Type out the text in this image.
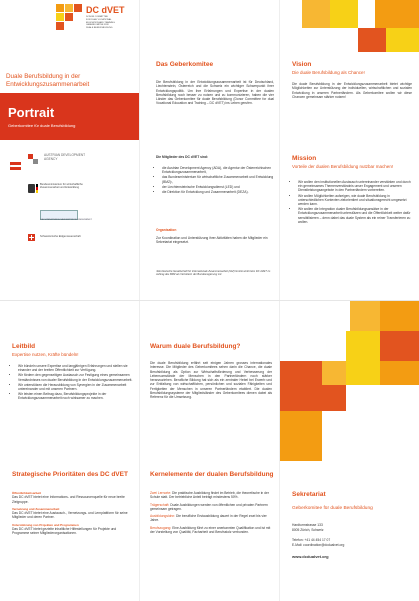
DC dVET
DONOR COMMITTEE
FOR DUAL VOCATIONAL
EDUCATION AND TRAINING
GEBERKOMITEE FÜR
DUALE BERUFSBILDUNG
Duale Berufsbildung in der Entwicklungszusammenarbeit
Portrait
Geberkomitee für duale Berufsbildung
AUSTRIAN DEVELOPMENT AGENCY
Bundesministerium für wirtschaftliche Zusammenarbeit und Entwicklung
LIECHTENSTEINISCHER ENTWICKLUNGSDIENST
Schweizerische Eidgenossenschaft
Das Geberkomitee
Die Berufsbildung in der Entwicklungszusammenarbeit ist für Deutschland, Liechtenstein, Österreich und die Schweiz ein wichtiger Schwerpunkt ihrer Entwicklungspolitik. Um ihre Erfahrungen und Expertise in der dualen Berufsbildung noch besser zu nutzen und zu kommunizieren, haben die vier Länder das Geberkomitee für duale Berufsbildung (Donor Committee for dual Vocational Education and Training – DC dVET) ins Leben gerufen.
Die Mitglieder des DC dVET sind:
• die Austrian Development Agency (ADA), die Agentur der Österreichischen Entwicklungszusammenarbeit,
• das Bundesministerium für wirtschaftliche Zusammenarbeit und Entwicklung (BMZ)¹,
• der Liechtensteinische Entwicklungsdienst (LED) und
• die Direktion für Entwicklung und Zusammenarbeit (DEZA).
Organisation
Zur Koordination und Unterstützung ihrer Aktivitäten haben die Mitglieder ein Sekretariat eingesetzt.
¹Die Deutsche Gesellschaft für Internationale Zusammenarbeit (GIZ) GmbH wirkt beim DC dVET im Auftrag des BMZ als Vertreterin der Bundesregierung mit.
Vision
Die duale Berufsbildung als Chance!
Die duale Berufsbildung in der Entwicklungszusammenarbeit bietet wichtige Möglichkeiten zur Unterstützung der individuellen, wirtschaftlichen und sozialen Entwicklung in unseren Partnerländern. Als Geberkomitee wollen wir diese Chancen gemeinsam stärker nutzen!
Mission
Vorteile der dualen Berufsbildung nutzbar machen!
• Wir wollen den institutionellen Austausch untereinander verstärken und durch ein gemeinsames Themenverständnis unser Engagement und unseren Dienstleistungsangebote in den Partnerländern vorbereiten.
• Wir wollen Möglichkeiten aufzeigen, wie duale Berufsbildung in unterschiedlichen Kontexten zielorientiert und situationsgerecht umgesetzt werden kann.
• Wir wollen die Integration dualer Berufsbildungsansätze in der Entwicklungszusammenarbeit unterstützen und die Öffentlichkeit weiter dafür sensibilisieren – denn dabei das duale System als ein reiner Transferieren zu wollen.
Leitbild
Expertise nutzen, Kräfte bündeln!
• Wir bündeln unsere Expertise und langjährigen Erfahrungen und stellen sie einander und der breiten Öffentlichkeit zur Verfügung.
• Wir fördern den gegenseitigen Austausch zur Festigung eines gemeinsamen Verständnisses von dualer Berufsbildung in der Entwicklungszusammenarbeit.
• Wir unterstützen die Herausbildung von Synergien in der Zusammenarbeit untereinander und mit unseren Partnern.
• Wir leisten einen Beitrag dazu, Berufsbildungsprojekte in der Entwicklungszusammenarbeit noch wirksamer zu machen.
Strategische Prioritäten des DC dVET
Öffentlichkeitsarbeit
Das DC dVET bietet eine Informations- und Ressourcenquelle für neue breite Zielgruppe.
Vernetzung und Zusammenarbeit
Das DC dVET bietet eine Austausch-, Vernetzungs- und Lernplattform für seine Mitglieder und deren Partner.
Unterstützung von Projekten und Programmen
Das DC dVET bietet gezielte inhaltliche Hilfestellungen für Projekte und Programme seiner Mitgliederorganisationen.
Warum duale Berufsbildung?
Die duale Berufsbildung erfährt seit einigen Jahren grosses internationales Interesse. Die Mitglieder des Geberkomitees sehen darin die Chance, die duale Berufsbildung als Option zur Wirtschaftsförderung und Verbesserung der Lebensumstände der Menschen in den Partnerländern noch stärker heranzuziehen. Berufliche Bildung hat sich als ein zentraler Hebel bei Erwerb und zur Entfaltung von wirtschaftlichen, persönlichen und sozialen Fähigkeiten und Fertigkeiten der Menschen in unseren Partnerländern etabliert. Die dualen Berufsbildungssysteme der Mitgliedsländer des Geberkomitees dienen dabei als Referenz für die Umsetzung.
Kernelemente der dualen Berufsbildung
Zwei Lernorte: Die praktische Ausbildung findet im Betrieb, die theoretische in der Schule statt. Der betriebliche Anteil beträgt mindestens 50%.
Trägerschaft: Duale Ausbildungen werden von öffentlichen und privaten Partnern gemeinsam getragen.
Ausbildungslohn: Die berufliche Erstausbildung dauert in der Regel zwei bis vier Jahre.
Berufszugang: Eine Ausbildung führt zu einer anerkannten Qualifikation und ist mit der Vorstellung von Qualität, Facharbeit und Berufsstolz verbunden.
Sekretariat
Geberkomitee für duale Berufsbildung
Hardturmstrasse 133
8005 Zürich, Schweiz
Telefon: +41 44 454 17 07
E-Mail: coordination@dcdualvet.org
www.dcdualvet.org
